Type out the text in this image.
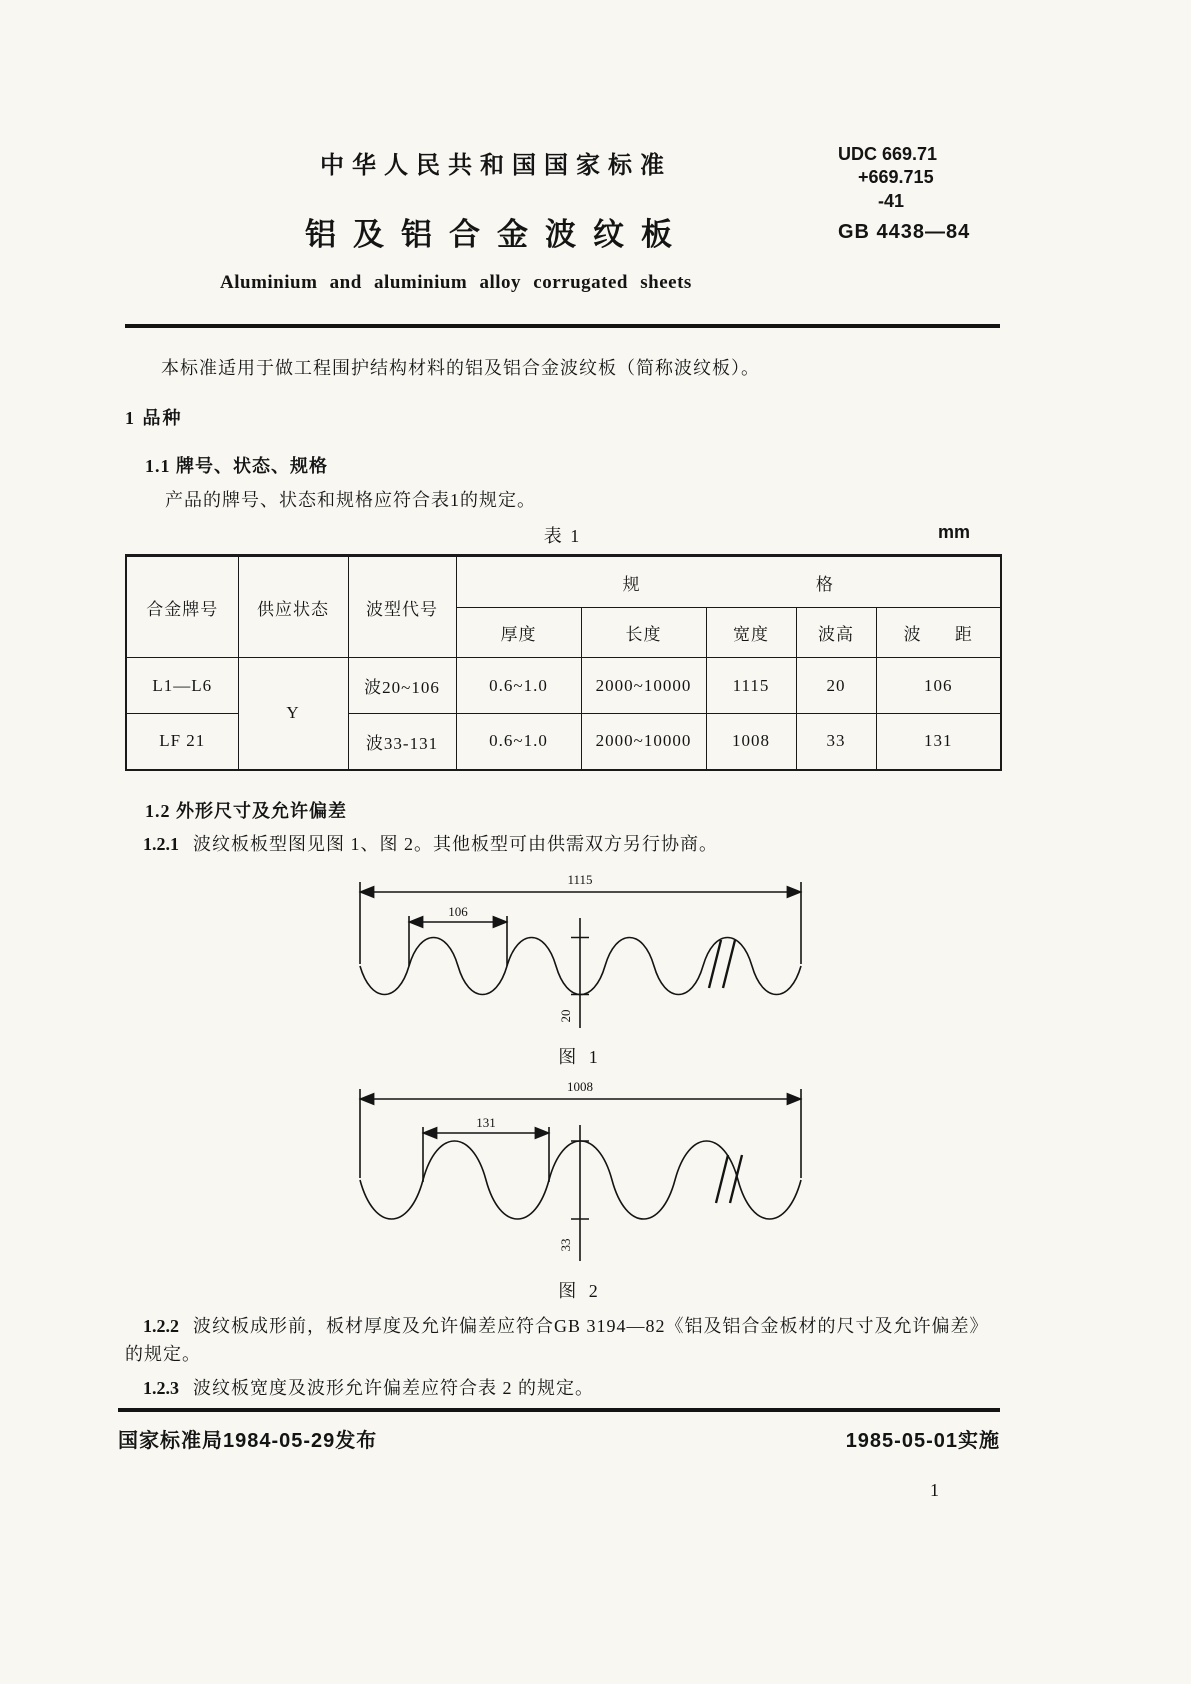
中华人民共和国国家标准	UDC 669.71
+669.715
-41
GB 4438—84
铝及铝合金波纹板
Aluminium and aluminium alloy corrugated sheets

本标准适用于做工程围护结构材料的铝及铝合金波纹板（简称波纹板）。

1 品种
1.1 牌号、状态、规格

产品的牌号、状态和规格应符合表1的规定。

表 1	mm
合金牌号	供应状态	波型代号	规 格				
			厚度	长度	宽度	波高	波 距
L1—L6	Y	波20~106	0.6~1.0	2000~10000	1115	20	106
LF 21		波33-131	0.6~1.0	2000~10000	1008	33	131
1.2 外形尺寸及允许偏差

1.2.1 波纹板板型图见图 1、图 2。其他板型可由供需双方另行协商。

1115
106
20
图 1
1008
131
33
图 2

1.2.2 波纹板成形前，板材厚度及允许偏差应符合GB 3194—82《铝及铝合金板材的尺寸及允许偏差》的规定。

1.2.3 波纹板宽度及波形允许偏差应符合表 2 的规定。

国家标准局1984-05-29发布	1985-05-01实施
1
